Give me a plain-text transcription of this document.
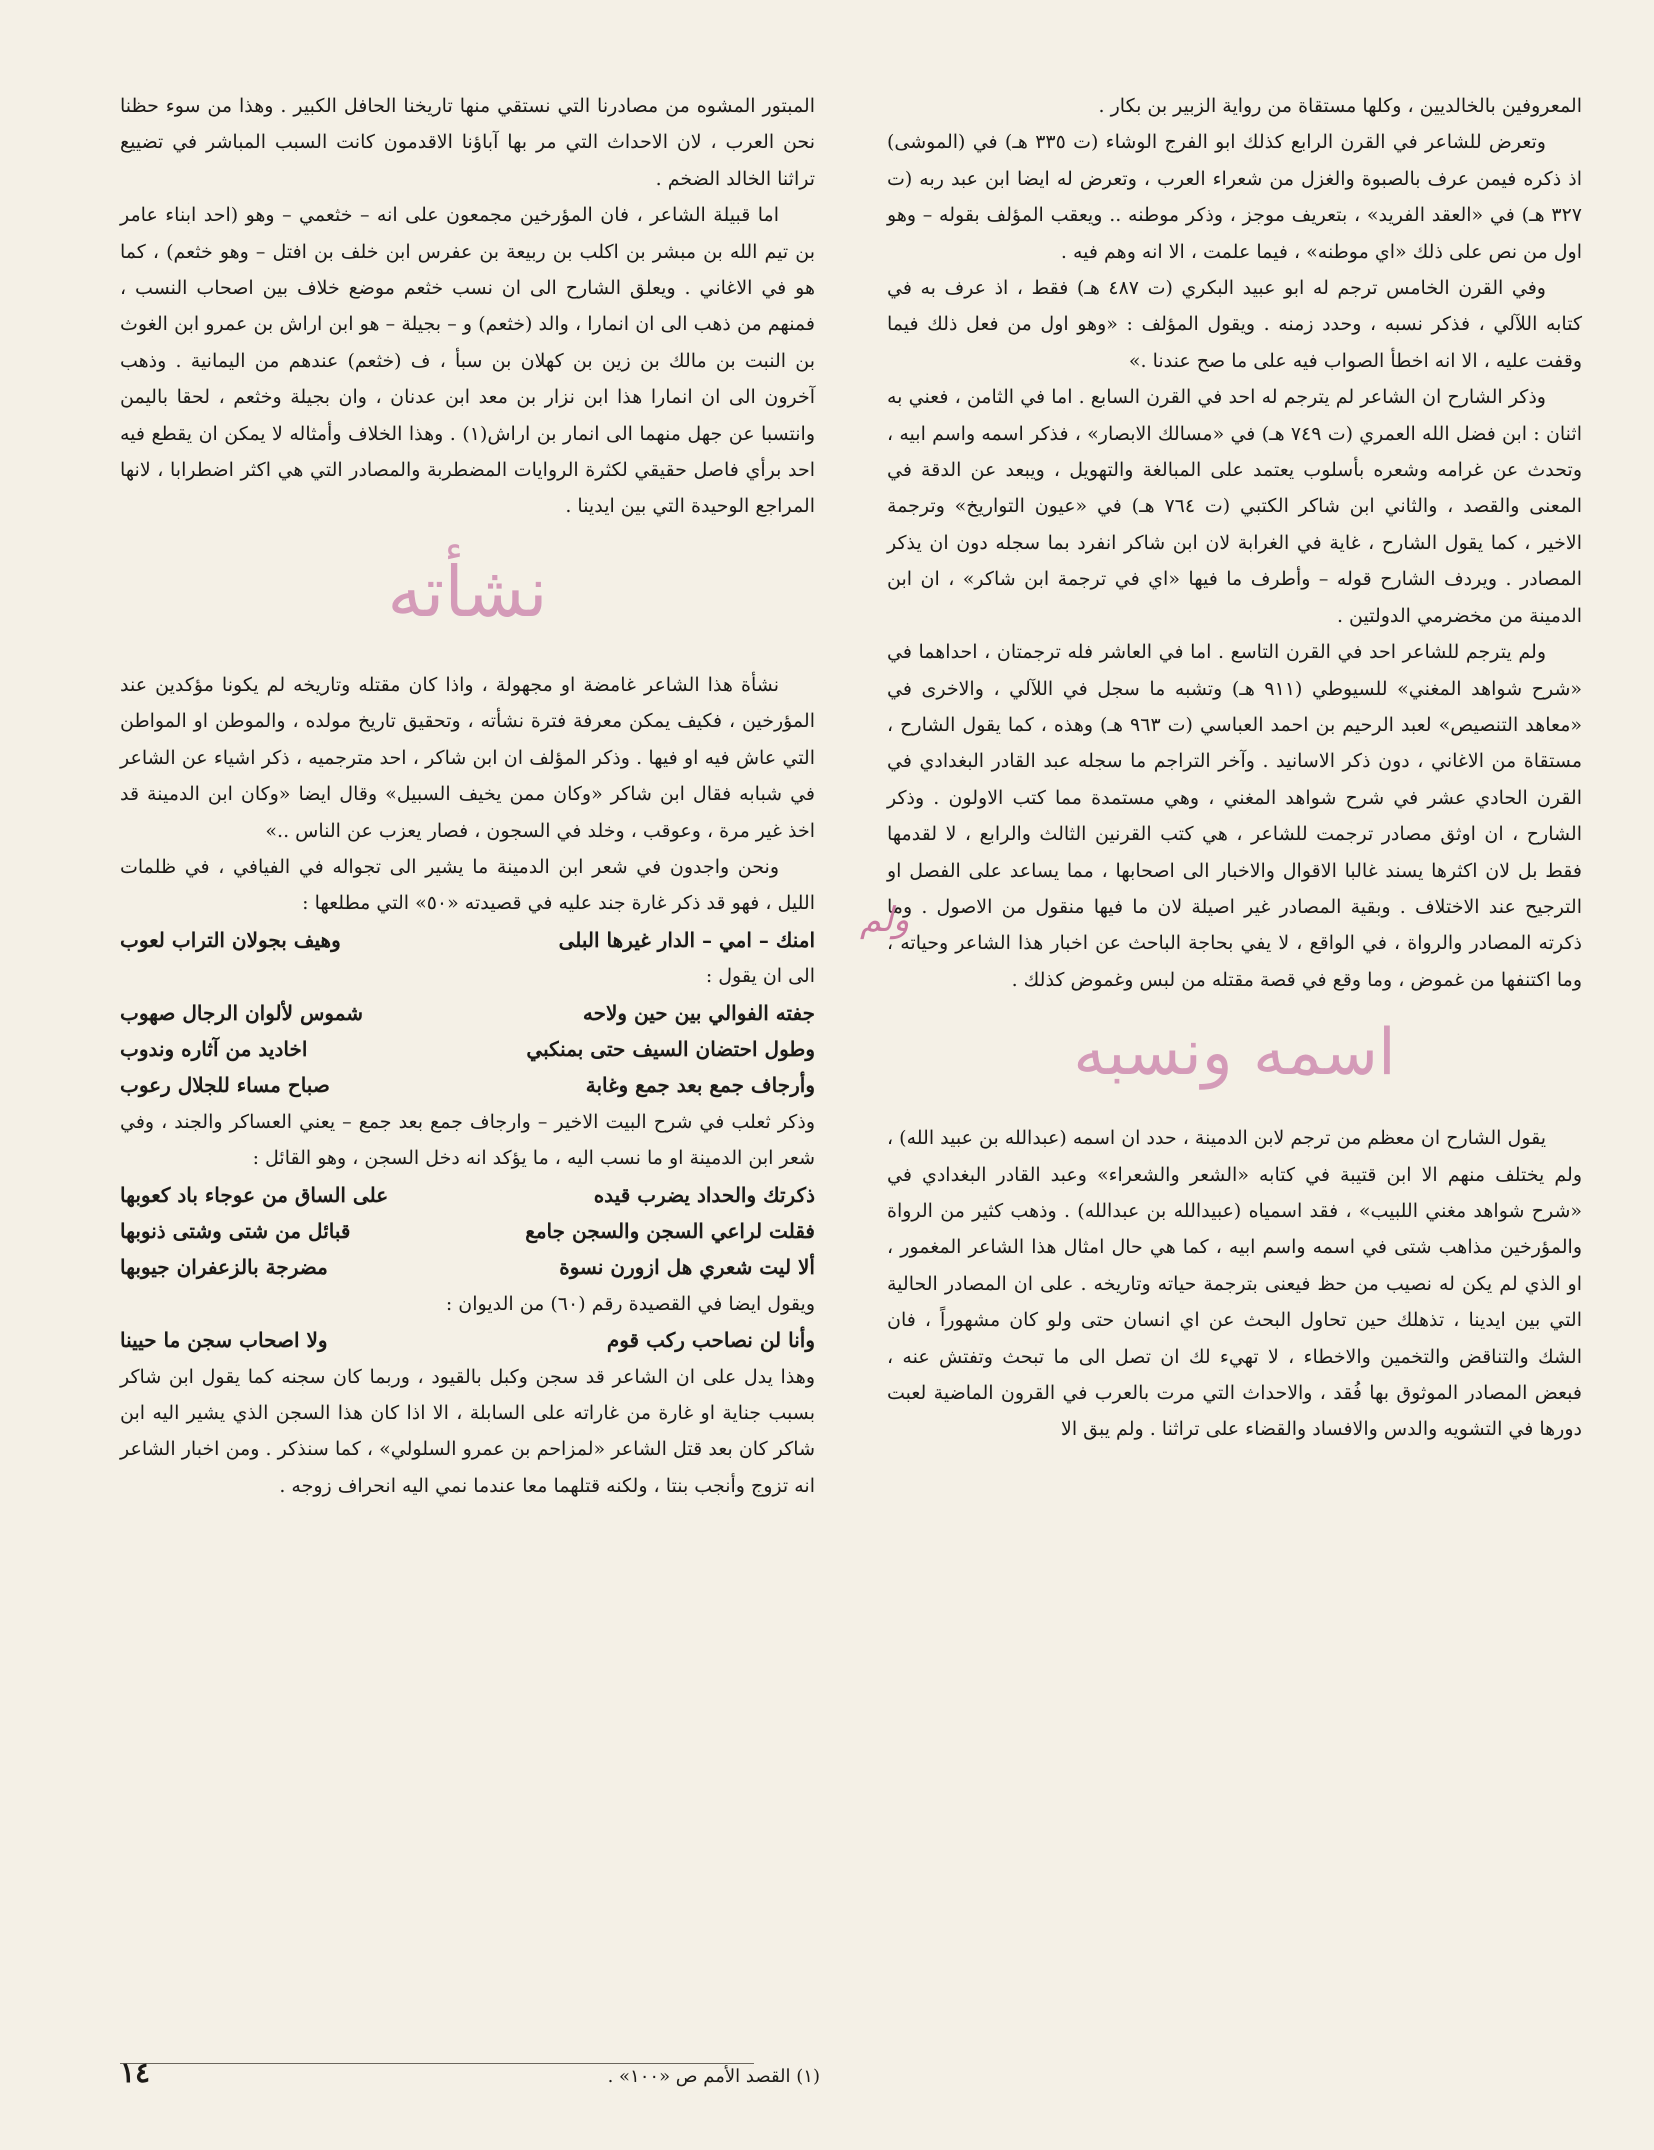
المعروفين بالخالديين ، وكلها مستقاة من رواية الزبير بن بكار .

وتعرض للشاعر في القرن الرابع كذلك ابو الفرج الوشاء (ت ٣٣٥ هـ) في (الموشى) اذ ذكره فيمن عرف بالصبوة والغزل من شعراء العرب ، وتعرض له ايضا ابن عبد ربه (ت ٣٢٧ هـ) في «العقد الفريد» ، بتعريف موجز ، وذكر موطنه .. ويعقب المؤلف بقوله – وهو اول من نص على ذلك «اي موطنه» ، فيما علمت ، الا انه وهم فيه .

وفي القرن الخامس ترجم له ابو عبيد البكري (ت ٤٨٧ هـ) فقط ، اذ عرف به في كتابه اللآلي ، فذكر نسبه ، وحدد زمنه . ويقول المؤلف : «وهو اول من فعل ذلك فيما وقفت عليه ، الا انه اخطأ الصواب فيه على ما صح عندنا .»

وذكر الشارح ان الشاعر لم يترجم له احد في القرن السابع . اما في الثامن ، فعني به اثنان : ابن فضل الله العمري (ت ٧٤٩ هـ) في «مسالك الابصار» ، فذكر اسمه واسم ابيه ، وتحدث عن غرامه وشعره بأسلوب يعتمد على المبالغة والتهويل ، ويبعد عن الدقة في المعنى والقصد ، والثاني ابن شاكر الكتبي (ت ٧٦٤ هـ) في «عيون التواريخ» وترجمة الاخير ، كما يقول الشارح ، غاية في الغرابة لان ابن شاكر انفرد بما سجله دون ان يذكر المصادر . ويردف الشارح قوله – وأطرف ما فيها «اي في ترجمة ابن شاكر» ، ان ابن الدمينة من مخضرمي الدولتين .

ولم يترجم للشاعر احد في القرن التاسع . اما في العاشر فله ترجمتان ، احداهما في «شرح شواهد المغني» للسيوطي (٩١١ هـ) وتشبه ما سجل في اللآلي ، والاخرى في «معاهد التنصيص» لعبد الرحيم بن احمد العباسي (ت ٩٦٣ هـ) وهذه ، كما يقول الشارح ، مستقاة من الاغاني ، دون ذكر الاسانيد . وآخر التراجم ما سجله عبد القادر البغدادي في القرن الحادي عشر في شرح شواهد المغني ، وهي مستمدة مما كتب الاولون . وذكر الشارح ، ان اوثق مصادر ترجمت للشاعر ، هي كتب القرنين الثالث والرابع ، لا لقدمها فقط بل لان اكثرها يسند غالبا الاقوال والاخبار الى اصحابها ، مما يساعد على الفصل او الترجيح عند الاختلاف . وبقية المصادر غير اصيلة لان ما فيها منقول من الاصول . وما ذكرته المصادر والرواة ، في الواقع ، لا يفي بحاجة الباحث عن اخبار هذا الشاعر وحياته ، وما اكتنفها من غموض ، وما وقع في قصة مقتله من لبس وغموض كذلك .

اسمه ونسبه

يقول الشارح ان معظم من ترجم لابن الدمينة ، حدد ان اسمه (عبدالله بن عبيد الله) ، ولم يختلف منهم الا ابن قتيبة في كتابه «الشعر والشعراء» وعبد القادر البغدادي في «شرح شواهد مغني اللبيب» ، فقد اسمياه (عبيدالله بن عبدالله) . وذهب كثير من الرواة والمؤرخين مذاهب شتى في اسمه واسم ابيه ، كما هي حال امثال هذا الشاعر المغمور ، او الذي لم يكن له نصيب من حظ فيعنى بترجمة حياته وتاريخه . على ان المصادر الحالية التي بين ايدينا ، تذهلك حين تحاول البحث عن اي انسان حتى ولو كان مشهوراً ، فان الشك والتناقض والتخمين والاخطاء ، لا تهيء لك ان تصل الى ما تبحث وتفتش عنه ، فبعض المصادر الموثوق بها فُقد ، والاحداث التي مرت بالعرب في القرون الماضية لعبت دورها في التشويه والدس والافساد والقضاء على تراثنا . ولم يبق الا

ولم

المبتور المشوه من مصادرنا التي نستقي منها تاريخنا الحافل الكبير . وهذا من سوء حظنا نحن العرب ، لان الاحداث التي مر بها آباؤنا الاقدمون كانت السبب المباشر في تضييع تراثنا الخالد الضخم .

اما قبيلة الشاعر ، فان المؤرخين مجمعون على انه – خثعمي – وهو (احد ابناء عامر بن تيم الله بن مبشر بن اكلب بن ربيعة بن عفرس ابن خلف بن افتل – وهو خثعم) ، كما هو في الاغاني . ويعلق الشارح الى ان نسب خثعم موضع خلاف بين اصحاب النسب ، فمنهم من ذهب الى ان انمارا ، والد (خثعم) و – بجيلة – هو ابن اراش بن عمرو ابن الغوث بن النبت بن مالك بن زين بن كهلان بن سبأ ، ف (خثعم) عندهم من اليمانية . وذهب آخرون الى ان انمارا هذا ابن نزار بن معد ابن عدنان ، وان بجيلة وخثعم ، لحقا باليمن وانتسبا عن جهل منهما الى انمار بن اراش(١) . وهذا الخلاف وأمثاله لا يمكن ان يقطع فيه احد برأي فاصل حقيقي لكثرة الروايات المضطربة والمصادر التي هي اكثر اضطرابا ، لانها المراجع الوحيدة التي بين ايدينا .

نشأته

نشأة هذا الشاعر غامضة او مجهولة ، واذا كان مقتله وتاريخه لم يكونا مؤكدين عند المؤرخين ، فكيف يمكن معرفة فترة نشأته ، وتحقيق تاريخ مولده ، والموطن او المواطن التي عاش فيه او فيها . وذكر المؤلف ان ابن شاكر ، احد مترجميه ، ذكر اشياء عن الشاعر في شبابه فقال ابن شاكر «وكان ممن يخيف السبيل» وقال ايضا «وكان ابن الدمينة قد اخذ غير مرة ، وعوقب ، وخلد في السجون ، فصار يعزب عن الناس ..»

ونحن واجدون في شعر ابن الدمينة ما يشير الى تجواله في الفيافي ، في ظلمات الليل ، فهو قد ذكر غارة جند عليه في قصيدته «٥٠» التي مطلعها :

امنك – امي – الدار غيرها البلى
وهيف بجولان التراب لعوب

الى ان يقول :

جفته الفوالي بين حين ولاحه
شموس لألوان الرجال صهوب
وطول احتضان السيف حتى بمنكبي
اخاديد من آثاره وندوب
وأرجاف جمع بعد جمع وغابة
صباح مساء للجلال رعوب

وذكر ثعلب في شرح البيت الاخير – وارجاف جمع بعد جمع – يعني العساكر والجند ، وفي شعر ابن الدمينة او ما نسب اليه ، ما يؤكد انه دخل السجن ، وهو القائل :

ذكرتك والحداد يضرب قيده
على الساق من عوجاء باد كعوبها
فقلت لراعي السجن والسجن جامع
قبائل من شتى وشتى ذنوبها
ألا ليت شعري هل ازورن نسوة
مضرجة بالزعفران جيوبها

ويقول ايضا في القصيدة رقم (٦٠) من الديوان :

وأنا لن نصاحب ركب قوم
ولا اصحاب سجن ما حيينا

وهذا يدل على ان الشاعر قد سجن وكبل بالقيود ، وربما كان سجنه كما يقول ابن شاكر بسبب جناية او غارة من غاراته على السابلة ، الا اذا كان هذا السجن الذي يشير اليه ابن شاكر كان بعد قتل الشاعر «لمزاحم بن عمرو السلولي» ، كما سنذكر . ومن اخبار الشاعر انه تزوج وأنجب بنتا ، ولكنه قتلهما معا عندما نمي اليه انحراف زوجه .

(١) القصد الأمم ص «١٠٠» .
١٤
